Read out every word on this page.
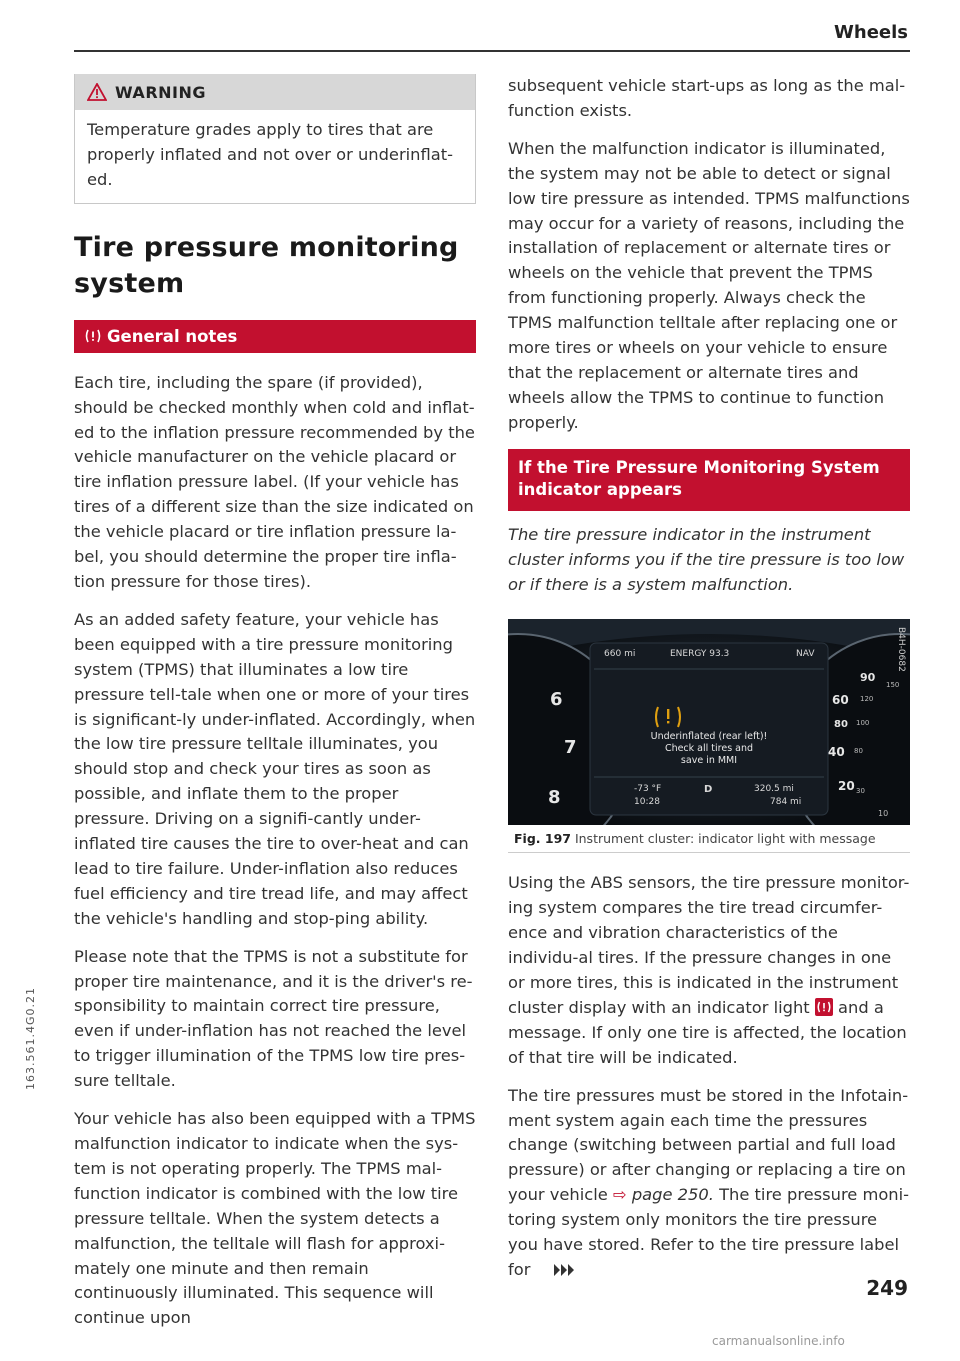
Wheels
WARNING
Temperature grades apply to tires that are properly inflated and not over or underinflat-ed.
Tire pressure monitoring system
General notes

Each tire, including the spare (if provided), should be checked monthly when cold and inflat-ed to the inflation pressure recommended by the vehicle manufacturer on the vehicle placard or tire inflation pressure label. (If your vehicle has tires of a different size than the size indicated on the vehicle placard or tire inflation pressure la-bel, you should determine the proper tire infla-tion pressure for those tires).

As an added safety feature, your vehicle has been equipped with a tire pressure monitoring system (TPMS) that illuminates a low tire pressure tell-tale when one or more of your tires is significant-ly under-inflated. Accordingly, when the low tire pressure telltale illuminates, you should stop and check your tires as soon as possible, and inflate them to the proper pressure. Driving on a signifi-cantly under-inflated tire causes the tire to over-heat and can lead to tire failure. Under-inflation also reduces fuel efficiency and tire tread life, and may affect the vehicle's handling and stop-ping ability.

Please note that the TPMS is not a substitute for proper tire maintenance, and it is the driver's re-sponsibility to maintain correct tire pressure, even if under-inflation has not reached the level to trigger illumination of the TPMS low tire pres-sure telltale.

Your vehicle has also been equipped with a TPMS malfunction indicator to indicate when the sys-tem is not operating properly. The TPMS mal-function indicator is combined with the low tire pressure telltale. When the system detects a malfunction, the telltale will flash for approxi-mately one minute and then remain continuously illuminated. This sequence will continue upon

subsequent vehicle start-ups as long as the mal-function exists.

When the malfunction indicator is illuminated, the system may not be able to detect or signal low tire pressure as intended. TPMS malfunctions may occur for a variety of reasons, including the installation of replacement or alternate tires or wheels on the vehicle that prevent the TPMS from functioning properly. Always check the TPMS malfunction telltale after replacing one or more tires or wheels on your vehicle to ensure that the replacement or alternate tires and wheels allow the TPMS to continue to function properly.

If the Tire Pressure Monitoring System indicator appears

The tire pressure indicator in the instrument cluster informs you if the tire pressure is too low or if there is a system malfunction.

660 mi	ENERGY 93.3	NAV
Underinflated (rear left)!
Check all tires and
save in MMI
-73 °F
10:28
D	320.5 mi
784 mi
6
7
8
90
80
60
40
20
150
120
100
80
30
10
B4H-0682
Fig. 197 Instrument cluster: indicator light with message

Using the ABS sensors, the tire pressure monitor-ing system compares the tire tread circumfer-ence and vibration characteristics of the individu-al tires. If the pressure changes in one or more tires, this is indicated in the instrument cluster display with an indicator light and a message. If only one tire is affected, the location of that tire will be indicated.

The tire pressures must be stored in the Infotain-ment system again each time the pressures change (switching between partial and full load pressure) or after changing or replacing a tire on your vehicle ⇨ page 250. The tire pressure moni-toring system only monitors the tire pressure you have stored. Refer to the tire pressure label for

249
163.561.4G0.21
carmanualsonline.info
